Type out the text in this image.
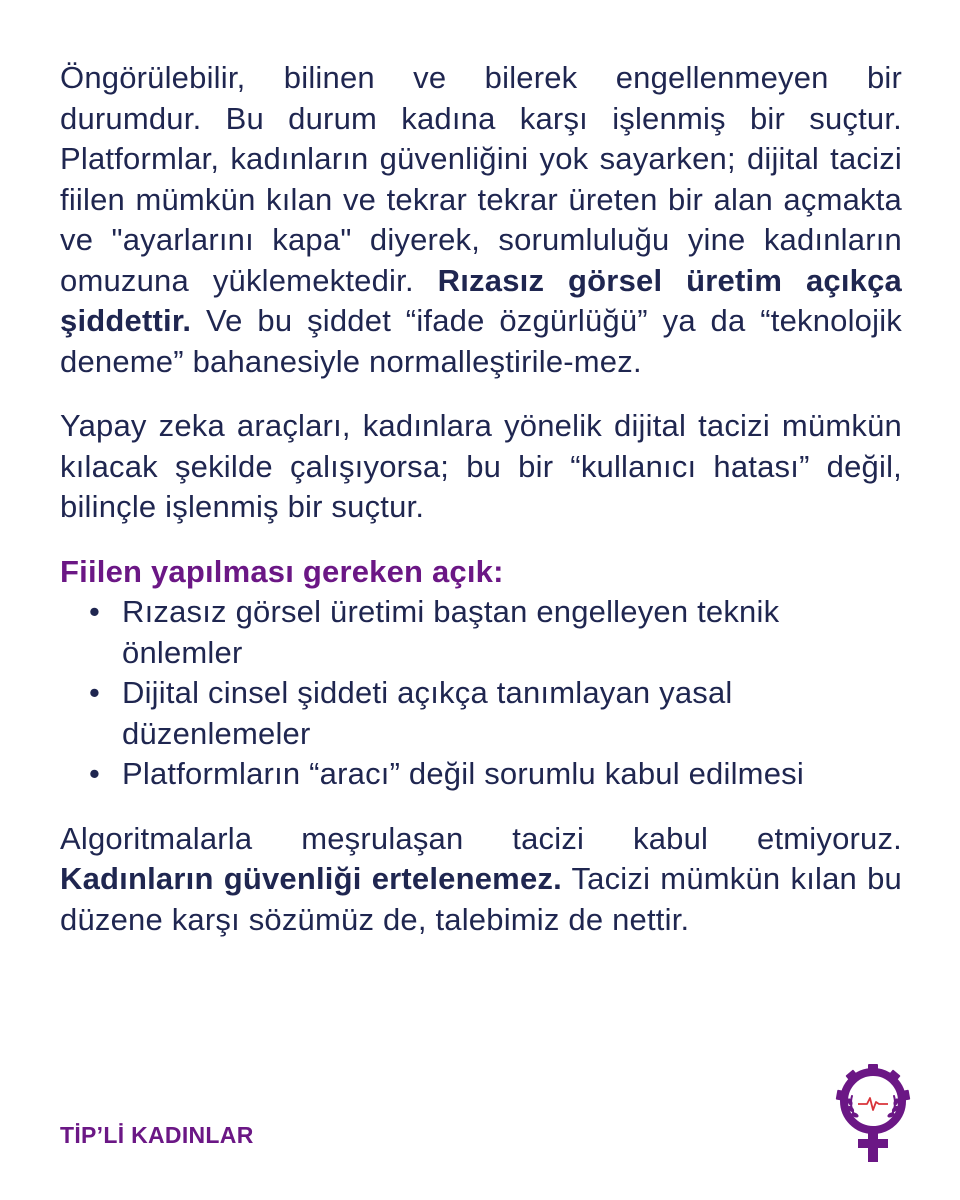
Öngörülebilir, bilinen ve bilerek engellenmeyen bir durumdur. Bu durum kadına karşı işlenmiş bir suçtur. Platformlar, kadınların güvenliğini yok sayarken; dijital tacizi fiilen mümkün kılan ve tekrar tekrar üreten bir alan açmakta ve "ayarlarını kapa" diyerek, sorumluluğu yine kadınların omuzuna yüklemektedir. Rızasız görsel üretim açıkça şiddettir. Ve bu şiddet “ifade özgürlüğü” ya da “teknolojik deneme” bahanesiyle normalleştirile-mez.

Yapay zeka araçları, kadınlara yönelik dijital tacizi mümkün kılacak şekilde çalışıyorsa; bu bir “kullanıcı hatası” değil, bilinçle işlenmiş bir suçtur.

Fiilen yapılması gereken açık:

• Rızasız görsel üretimi baştan engelleyen teknik önlemler
• Dijital cinsel şiddeti açıkça tanımlayan yasal düzenlemeler
• Platformların “aracı” değil sorumlu kabul edilmesi

Algoritmalarla meşrulaşan tacizi kabul etmiyoruz. Kadınların güvenliği ertelenemez. Tacizi mümkün kılan bu düzene karşı sözümüz de, talebimiz de nettir.

TİP’Lİ KADINLAR
